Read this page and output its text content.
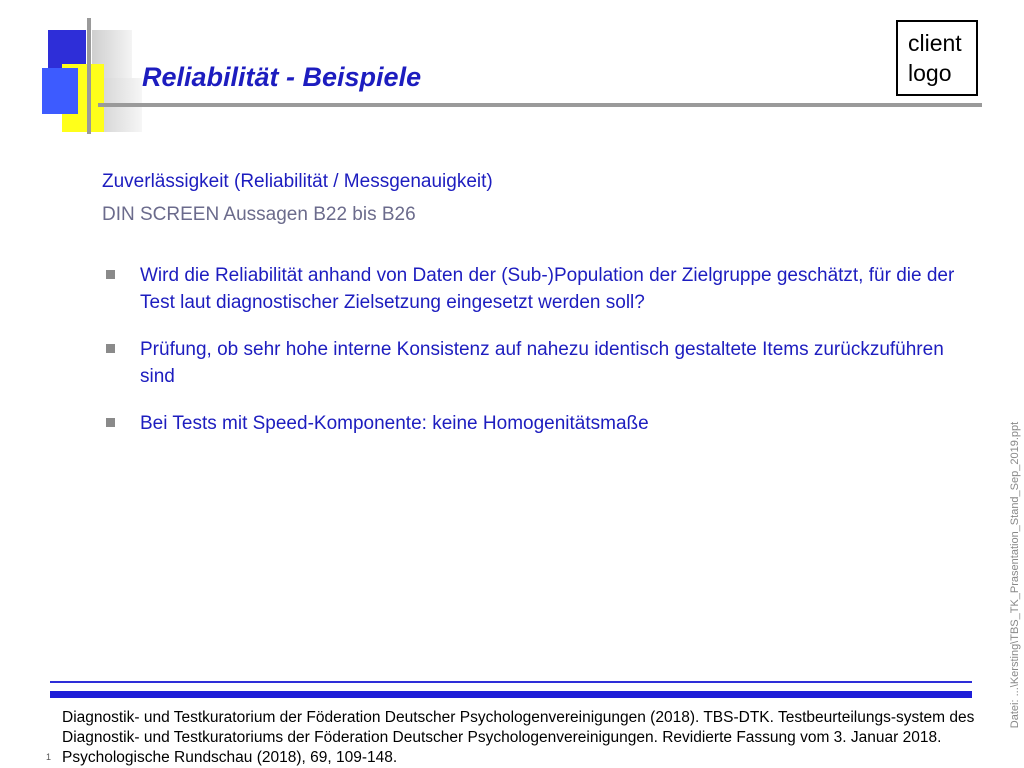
Reliabilität - Beispiele
client
logo
Zuverlässigkeit (Reliabilität / Messgenauigkeit)
DIN SCREEN Aussagen B22 bis B26
Wird die Reliabilität anhand von Daten der (Sub-)Population der Zielgruppe geschätzt, für die der Test laut diagnostischer Zielsetzung eingesetzt werden soll?
Prüfung, ob sehr hohe interne Konsistenz auf nahezu identisch gestaltete Items zurückzuführen sind
Bei Tests mit Speed-Komponente: keine Homogenitätsmaße
Diagnostik- und Testkuratorium der Föderation Deutscher Psychologenvereinigungen (2018). TBS-DTK. Testbeurteilungs-system des Diagnostik- und Testkuratoriums der Föderation Deutscher Psychologenvereinigungen. Revidierte Fassung vom 3. Januar 2018. Psychologische Rundschau (2018), 69, 109-148.
1
Datei: ...\Kersting\TBS_TK_Prasentation_Stand_Sep_2019.ppt
